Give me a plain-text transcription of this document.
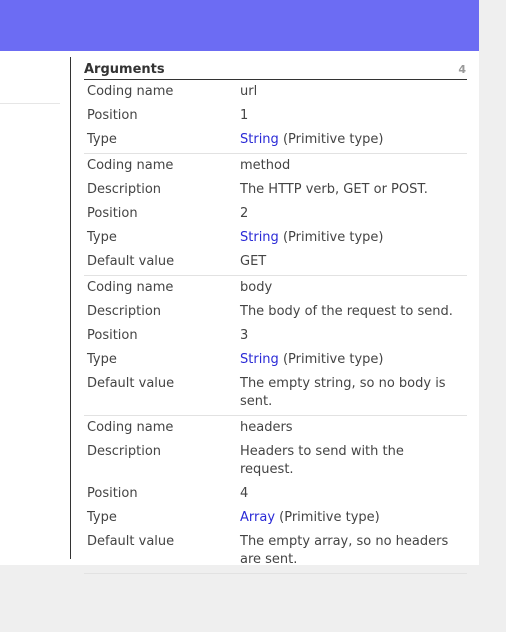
Arguments	4
Coding name	url
Position	1
Type	String (Primitive type)
Coding name	method
Description	The HTTP verb, GET or POST.
Position	2
Type	String (Primitive type)
Default value	GET
Coding name	body
Description	The body of the request to send.
Position	3
Type	String (Primitive type)
Default value	The empty string, so no body is sent.
Coding name	headers
Description	Headers to send with the request.
Position	4
Type	Array (Primitive type)
Default value	The empty array, so no headers are sent.
